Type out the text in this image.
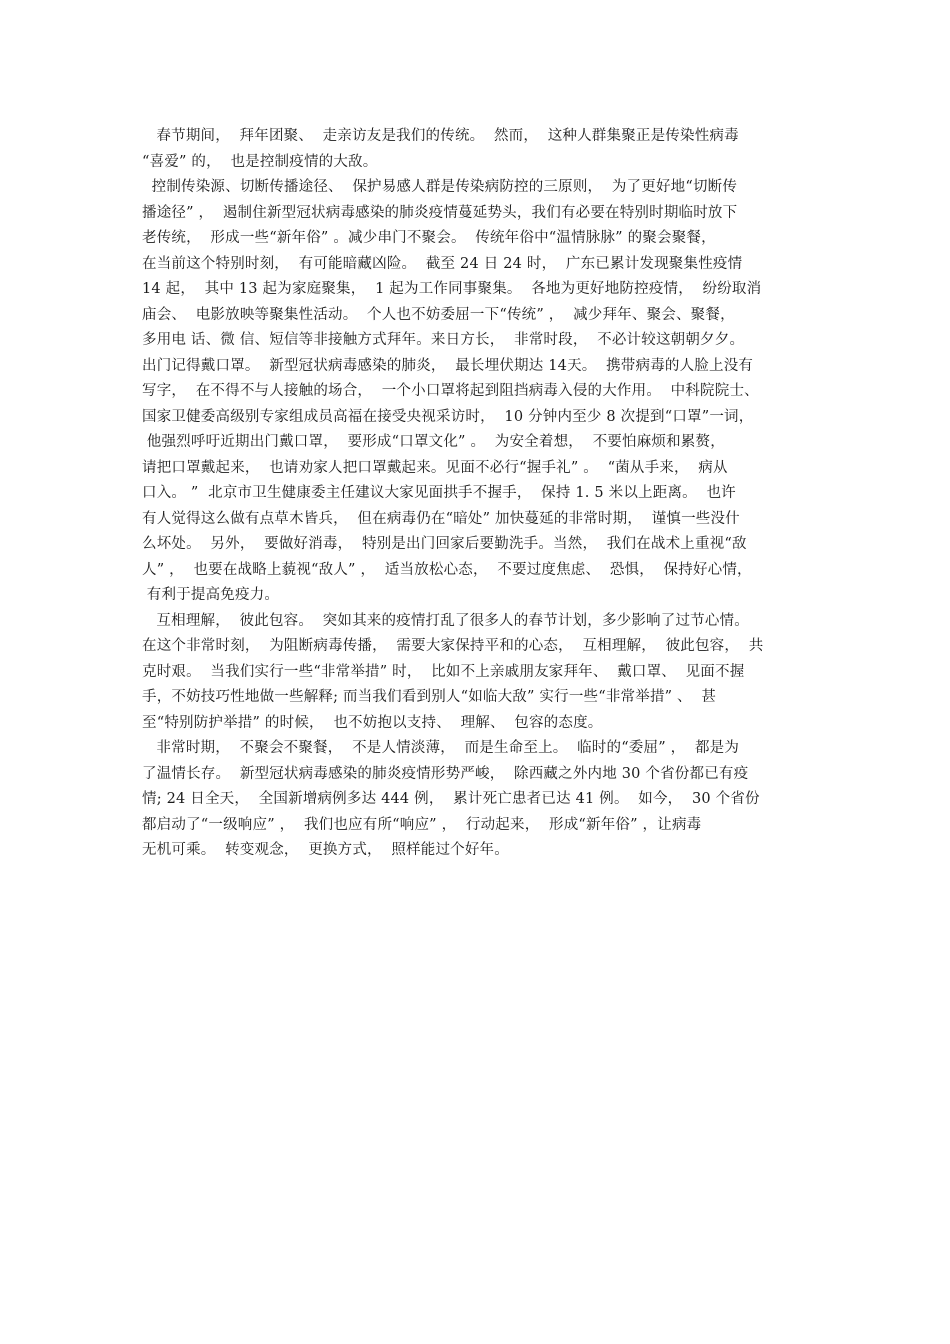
春节期间，  拜年团聚、  走亲访友是我们的传统。  然而，  这种人群集聚正是传染性病毒
“喜爱” 的，  也是控制疫情的大敌。
控制传染源、切断传播途径、  保护易感人群是传染病防控的三原则，  为了更好地“切断传
播途径” ，  遏制住新型冠状病毒感染的肺炎疫情蔓延势头，我们有必要在特别时期临时放下
老传统，  形成一些“新年俗” 。减少串门不聚会。  传统年俗中“温情脉脉” 的聚会聚餐，
在当前这个特别时刻，  有可能暗藏凶险。  截至 24 日 24 时，  广东已累计发现聚集性疫情
14 起，  其中 13 起为家庭聚集，  1 起为工作同事聚集。  各地为更好地防控疫情，  纷纷取消
庙会、  电影放映等聚集性活动。  个人也不妨委屈一下“传统” ，  减少拜年、聚会、聚餐，
多用电 话、微 信、短信等非接触方式拜年。来日方长，  非常时段，  不必计较这朝朝夕夕。
出门记得戴口罩。  新型冠状病毒感染的肺炎，  最长埋伏期达 14天。  携带病毒的人脸上没有
写字，  在不得不与人接触的场合，  一个小口罩将起到阻挡病毒入侵的大作用。  中科院院士、
国家卫健委高级别专家组成员高福在接受央视采访时，  10 分钟内至少 8 次提到“口罩”一词，
他强烈呼吁近期出门戴口罩，  要形成“口罩文化” 。  为安全着想，  不要怕麻烦和累赘，
请把口罩戴起来，  也请劝家人把口罩戴起来。见面不必行“握手礼” 。  “菌从手来，  病从
口入。 ”  北京市卫生健康委主任建议大家见面拱手不握手，  保持 1. 5 米以上距离。  也许
有人觉得这么做有点草木皆兵，  但在病毒仍在“暗处” 加快蔓延的非常时期，  谨慎一些没什
么坏处。  另外，  要做好消毒，  特别是出门回家后要勤洗手。当然，  我们在战术上重视“敌
人” ，  也要在战略上藐视“敌人” ，  适当放松心态，  不要过度焦虑、  恐惧，  保持好心情，
有利于提高免疫力。
互相理解，  彼此包容。  突如其来的疫情打乱了很多人的春节计划，多少影响了过节心情。
在这个非常时刻，  为阻断病毒传播，  需要大家保持平和的心态，  互相理解，  彼此包容，  共
克时艰。  当我们实行一些“非常举措” 时，  比如不上亲戚朋友家拜年、  戴口罩、  见面不握
手，不妨技巧性地做一些解释; 而当我们看到别人“如临大敌” 实行一些“非常举措” 、  甚
至“特别防护举措” 的时候，  也不妨抱以支持、  理解、  包容的态度。
非常时期，  不聚会不聚餐，  不是人情淡薄，  而是生命至上。  临时的“委屈” ，  都是为
了温情长存。  新型冠状病毒感染的肺炎疫情形势严峻，  除西藏之外内地 30 个省份都已有疫
情; 24 日全天，  全国新增病例多达 444 例，  累计死亡患者已达 41 例。  如今，  30 个省份
都启动了“一级响应” ，  我们也应有所“响应” ，  行动起来，  形成“新年俗” ，让病毒
无机可乘。  转变观念，  更换方式，  照样能过个好年。
